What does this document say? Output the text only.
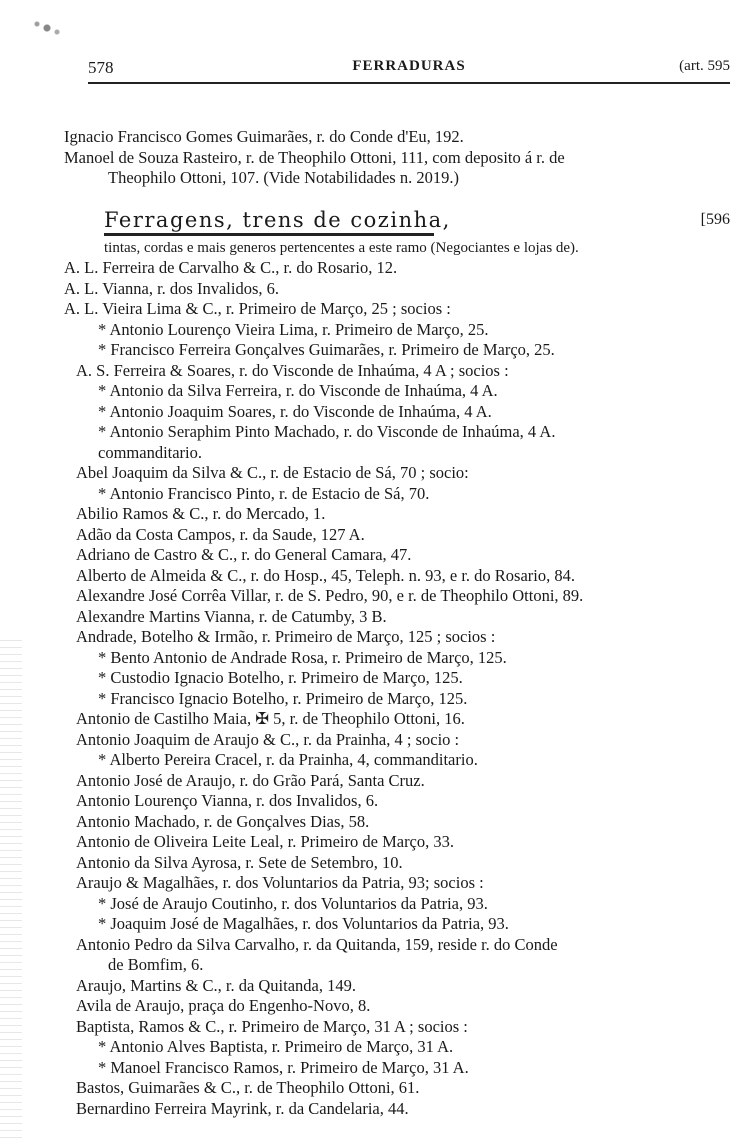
578	FERRADURAS	(art. 595
Ignacio Francisco Gomes Guimarães, r. do Conde d'Eu, 192.
Manoel de Souza Rasteiro, r. de Theophilo Ottoni, 111, com deposito á r. de
Theophilo Ottoni, 107. (Vide Notabilidades n. 2019.)
Ferragens, trens de cozinha,	[596
tintas, cordas e mais generos pertencentes a este ramo (Negociantes e lojas de).
A. L. Ferreira de Carvalho & C., r. do Rosario, 12.
A. L. Vianna, r. dos Invalidos, 6.
A. L. Vieira Lima & C., r. Primeiro de Março, 25 ; socios :
* Antonio Lourenço Vieira Lima, r. Primeiro de Março, 25.
* Francisco Ferreira Gonçalves Guimarães, r. Primeiro de Março, 25.
A. S. Ferreira & Soares, r. do Visconde de Inhaúma, 4 A ; socios :
* Antonio da Silva Ferreira, r. do Visconde de Inhaúma, 4 A.
* Antonio Joaquim Soares, r. do Visconde de Inhaúma, 4 A.
* Antonio Seraphim Pinto Machado, r. do Visconde de Inhaúma, 4 A.
commanditario.
Abel Joaquim da Silva & C., r. de Estacio de Sá, 70 ; socio:
* Antonio Francisco Pinto, r. de Estacio de Sá, 70.
Abilio Ramos & C., r. do Mercado, 1.
Adão da Costa Campos, r. da Saude, 127 A.
Adriano de Castro & C., r. do General Camara, 47.
Alberto de Almeida & C., r. do Hosp., 45, Teleph. n. 93, e r. do Rosario, 84.
Alexandre José Corrêa Villar, r. de S. Pedro, 90, e r. de Theophilo Ottoni, 89.
Alexandre Martins Vianna, r. de Catumby, 3 B.
Andrade, Botelho & Irmão, r. Primeiro de Março, 125 ; socios :
* Bento Antonio de Andrade Rosa, r. Primeiro de Março, 125.
* Custodio Ignacio Botelho, r. Primeiro de Março, 125.
* Francisco Ignacio Botelho, r. Primeiro de Março, 125.
Antonio de Castilho Maia, ✠ 5, r. de Theophilo Ottoni, 16.
Antonio Joaquim de Araujo & C., r. da Prainha, 4 ; socio :
* Alberto Pereira Cracel, r. da Prainha, 4, commanditario.
Antonio José de Araujo, r. do Grão Pará, Santa Cruz.
Antonio Lourenço Vianna, r. dos Invalidos, 6.
Antonio Machado, r. de Gonçalves Dias, 58.
Antonio de Oliveira Leite Leal, r. Primeiro de Março, 33.
Antonio da Silva Ayrosa, r. Sete de Setembro, 10.
Araujo & Magalhães, r. dos Voluntarios da Patria, 93; socios :
* José de Araujo Coutinho, r. dos Voluntarios da Patria, 93.
* Joaquim José de Magalhães, r. dos Voluntarios da Patria, 93.
Antonio Pedro da Silva Carvalho, r. da Quitanda, 159, reside r. do Conde
de Bomfim, 6.
Araujo, Martins & C., r. da Quitanda, 149.
Avila de Araujo, praça do Engenho-Novo, 8.
Baptista, Ramos & C., r. Primeiro de Março, 31 A ; socios :
* Antonio Alves Baptista, r. Primeiro de Março, 31 A.
* Manoel Francisco Ramos, r. Primeiro de Março, 31 A.
Bastos, Guimarães & C., r. de Theophilo Ottoni, 61.
Bernardino Ferreira Mayrink, r. da Candelaria, 44.
